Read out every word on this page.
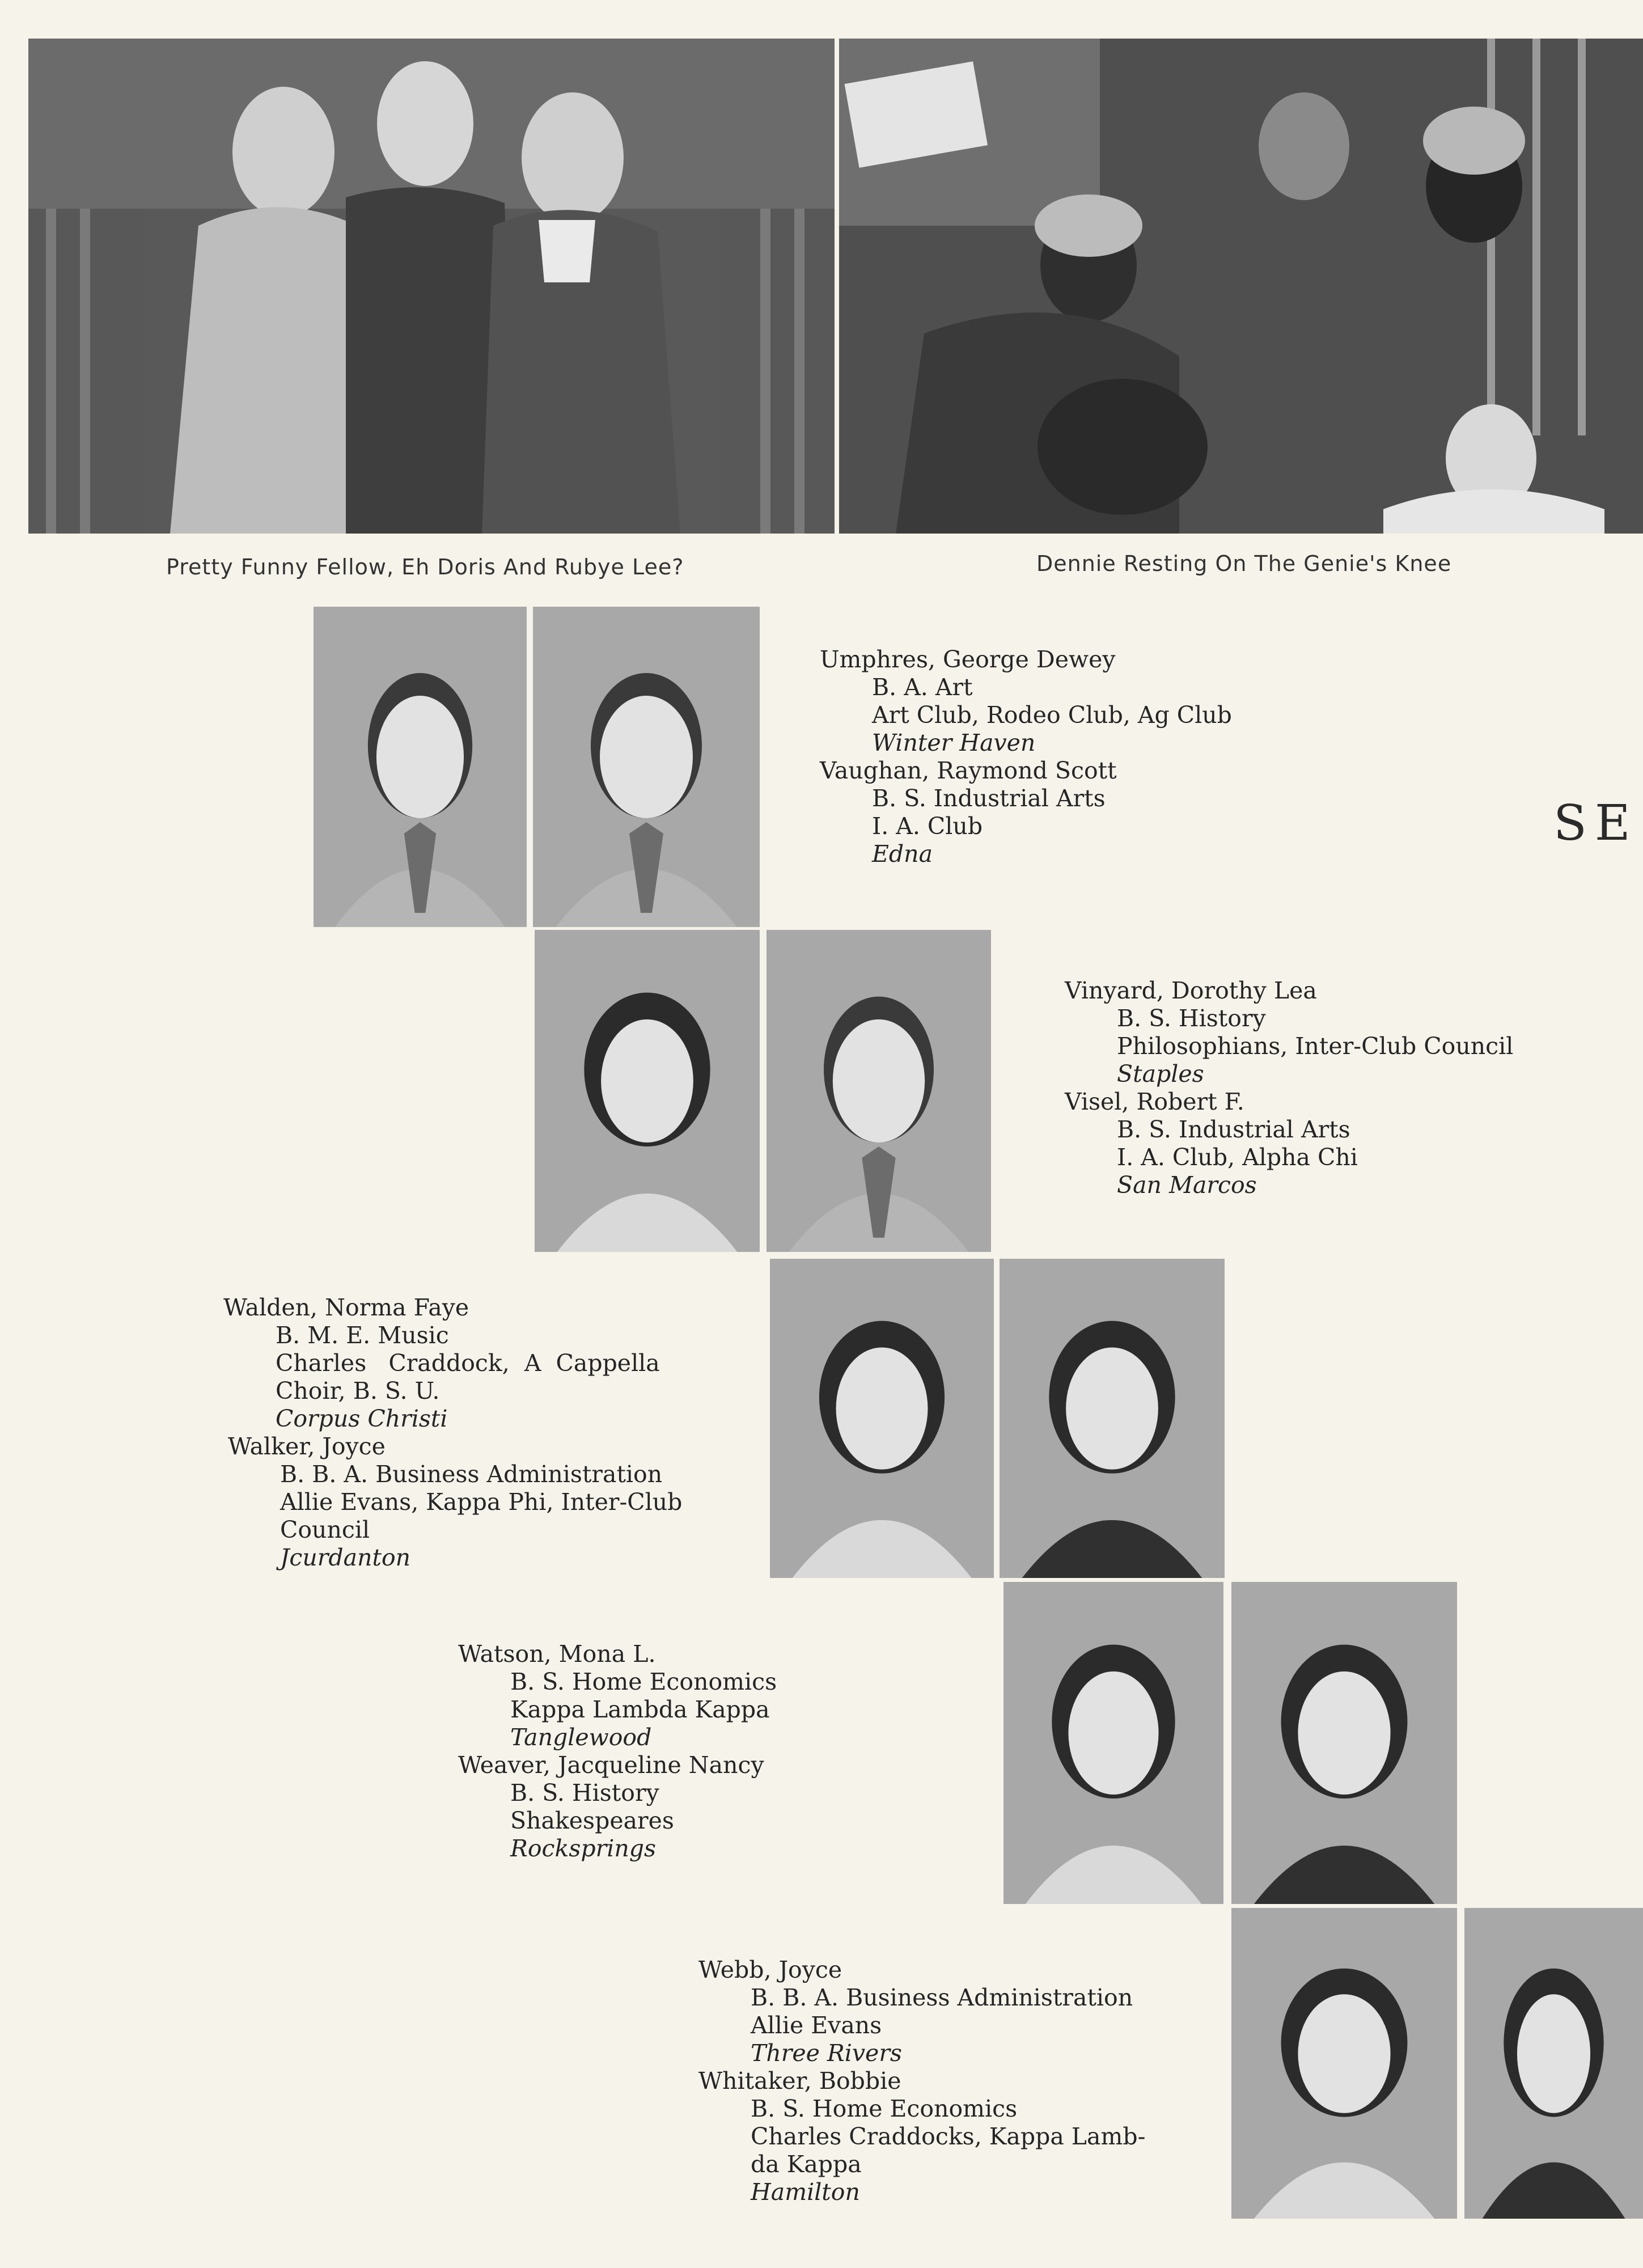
Pretty Funny Fellow, Eh Doris And Rubye Lee?	Dennie Resting On The Genie's Knee
SE
Umphres, George Dewey
B. A. Art
Art Club, Rodeo Club, Ag Club
Winter Haven
Vaughan, Raymond Scott
B. S. Industrial Arts
I. A. Club
Edna
Vinyard, Dorothy Lea
B. S. History
Philosophians, Inter-Club Council
Staples
Visel, Robert F.
B. S. Industrial Arts
I. A. Club, Alpha Chi
San Marcos
Walden, Norma Faye
B. M. E. Music
Charles   Craddock,  A  Cappella
Choir, B. S. U.
Corpus Christi
Walker, Joyce
B. B. A. Business Administration
Allie Evans, Kappa Phi, Inter-Club
Council
Jcurdanton
Watson, Mona L.
B. S. Home Economics
Kappa Lambda Kappa
Tanglewood
Weaver, Jacqueline Nancy
B. S. History
Shakespeares
Rocksprings
Webb, Joyce
B. B. A. Business Administration
Allie Evans
Three Rivers
Whitaker, Bobbie
B. S. Home Economics
Charles Craddocks, Kappa Lamb-
da Kappa
Hamilton
